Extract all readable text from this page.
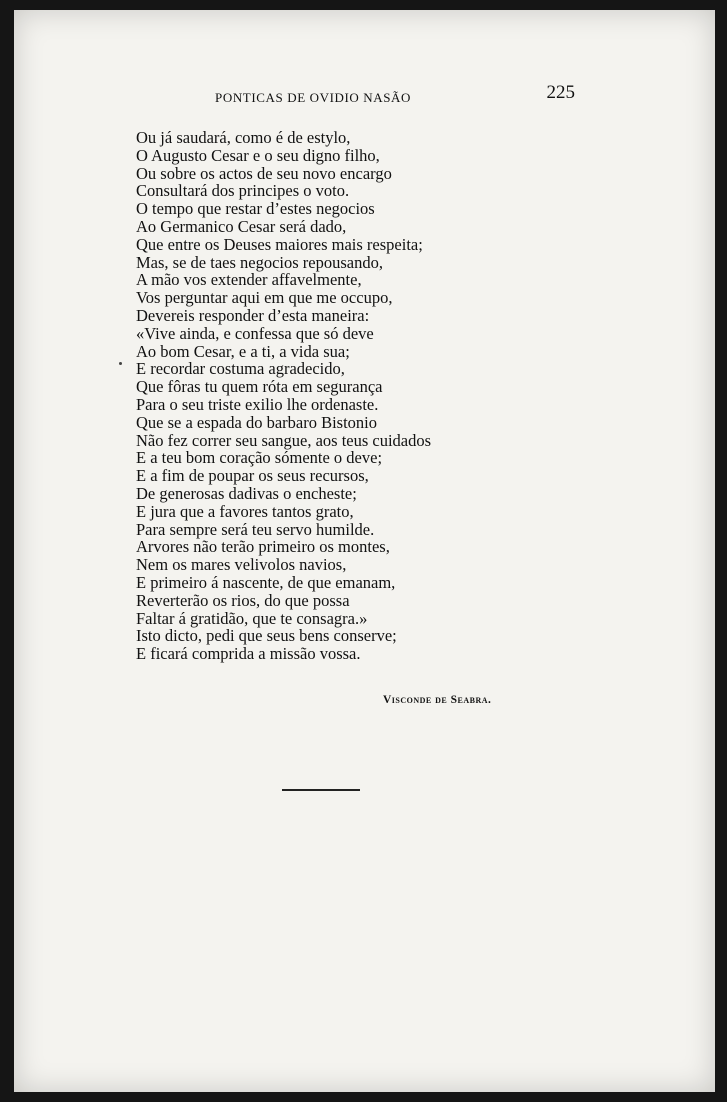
PONTICAS DE OVIDIO NASÃO	225
Ou já saudará, como é de estylo,
O Augusto Cesar e o seu digno filho,
Ou sobre os actos de seu novo encargo
Consultará dos principes o voto.
O tempo que restar d’estes negocios
Ao Germanico Cesar será dado,
Que entre os Deuses maiores mais respeita;
Mas, se de taes negocios repousando,
A mão vos extender affavelmente,
Vos perguntar aqui em que me occupo,
Devereis responder d’esta maneira:
«Vive ainda, e confessa que só deve
Ao bom Cesar, e a ti, a vida sua;
E recordar costuma agradecido,
Que fôras tu quem róta em segurança
Para o seu triste exilio lhe ordenaste.
Que se a espada do barbaro Bistonio
Não fez correr seu sangue, aos teus cuidados
E a teu bom coração sómente o deve;
E a fim de poupar os seus recursos,
De generosas dadivas o encheste;
E jura que a favores tantos grato,
Para sempre será teu servo humilde.
Arvores não terão primeiro os montes,
Nem os mares velivolos navios,
E primeiro á nascente, de que emanam,
Reverterão os rios, do que possa
Faltar á gratidão, que te consagra.»
Isto dicto, pedi que seus bens conserve;
E ficará comprida a missão vossa.
Visconde de Seabra.
